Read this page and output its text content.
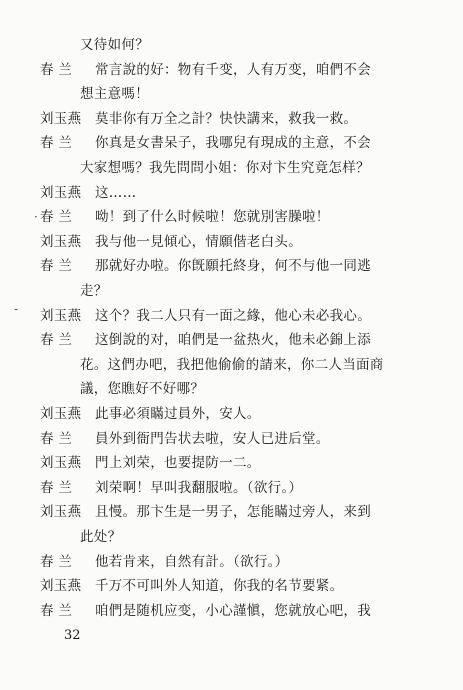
又待如何？
春 兰	常言說的好：物有千变，人有万变，咱們不会
想主意嗎！
刘玉燕	莫非你有万全之計？快快講来，救我一救。
春 兰	你真是女書呆子，我哪兒有現成的主意，不会
大家想嗎？我先問問小姐：你对卞生究竟怎样？
刘玉燕	这……
春 兰	呦！到了什么时候啦！您就別害臊啦！
刘玉燕	我与他一見傾心，情願偕老白头。
春 兰	那就好办啦。你旣願托終身，何不与他一同逃
走？
刘玉燕	这个？我二人只有一面之緣，他心未必我心。
春 兰	这倒說的对，咱們是一盆热火，他未必錦上添
花。这們办吧，我把他偷偷的請来，你二人当面商
議，您瞧好不好哪？
刘玉燕	此事必須瞞过員外，安人。
春 兰	員外到衙門告状去啦，安人已进后堂。
刘玉燕	門上刘荣，也要提防一二。
春 兰	刘荣啊！早叫我翻服啦。（欲行。）
刘玉燕	且慢。那卞生是一男子，怎能瞞过旁人，来到
此处？
春 兰	他若肯来，自然有計。（欲行。）
刘玉燕	千万不可叫外人知道，你我的名节要紧。
春 兰	咱們是随机应变，小心謹愼，您就放心吧，我
32
-
·
